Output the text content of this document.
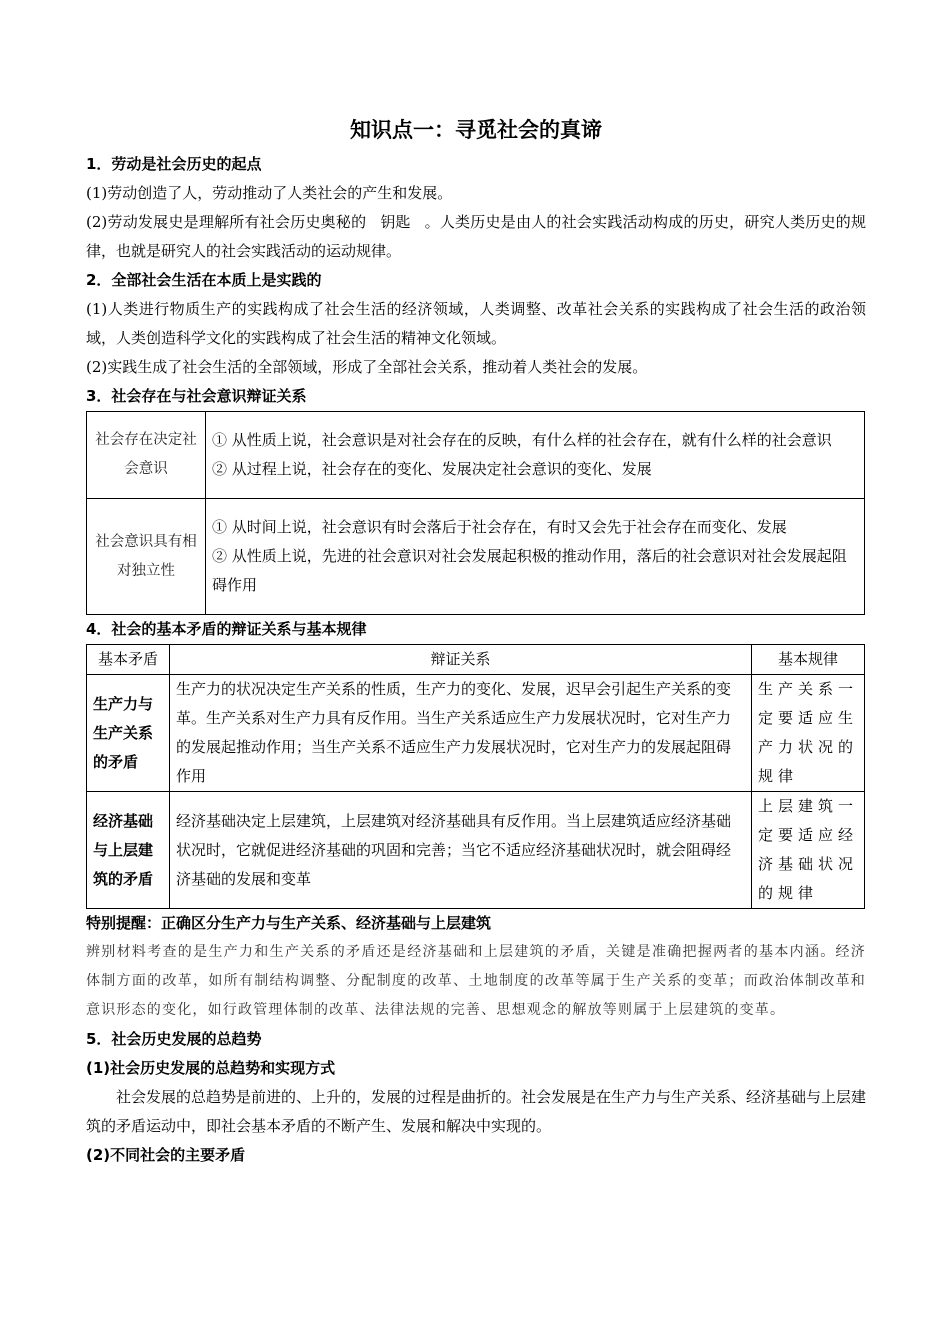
知识点一：寻觅社会的真谛

1．劳动是社会历史的起点

(1)劳动创造了人，劳动推动了人类社会的产生和发展。

(2)劳动发展史是理解所有社会历史奥秘的 钥匙 。人类历史是由人的社会实践活动构成的历史，研究人类历史的规律，也就是研究人的社会实践活动的运动规律。

2．全部社会生活在本质上是实践的

(1)人类进行物质生产的实践构成了社会生活的经济领域，人类调整、改革社会关系的实践构成了社会生活的政治领域，人类创造科学文化的实践构成了社会生活的精神文化领域。

(2)实践生成了社会生活的全部领域，形成了全部社会关系，推动着人类社会的发展。

3．社会存在与社会意识辩证关系

社会存在决定社会意识	① 从性质上说，社会意识是对社会存在的反映，有什么样的社会存在，就有什么样的社会意识
② 从过程上说，社会存在的变化、发展决定社会意识的变化、发展

社会意识具有相对独立性	① 从时间上说，社会意识有时会落后于社会存在，有时又会先于社会存在而变化、发展
② 从性质上说，先进的社会意识对社会发展起积极的推动作用，落后的社会意识对社会发展起阻碍作用

4．社会的基本矛盾的辩证关系与基本规律

基本矛盾	辩证关系	基本规律
生产力与生产关系的矛盾	生产力的状况决定生产关系的性质，生产力的变化、发展，迟早会引起生产关系的变革。生产关系对生产力具有反作用。当生产关系适应生产力发展状况时，它对生产力的发展起推动作用；当生产关系不适应生产力发展状况时，它对生产力的发展起阻碍作用	生产关系一定要适应生产力状况的规律
经济基础与上层建筑的矛盾	经济基础决定上层建筑，上层建筑对经济基础具有反作用。当上层建筑适应经济基础状况时，它就促进经济基础的巩固和完善；当它不适应经济基础状况时，就会阻碍经济基础的发展和变革	上层建筑一定要适应经济基础状况的规律

特别提醒：正确区分生产力与生产关系、经济基础与上层建筑

辨别材料考查的是生产力和生产关系的矛盾还是经济基础和上层建筑的矛盾，关键是准确把握两者的基本内涵。经济体制方面的改革，如所有制结构调整、分配制度的改革、土地制度的改革等属于生产关系的变革；而政治体制改革和意识形态的变化，如行政管理体制的改革、法律法规的完善、思想观念的解放等则属于上层建筑的变革。

5．社会历史发展的总趋势

(1)社会历史发展的总趋势和实现方式

社会发展的总趋势是前进的、上升的，发展的过程是曲折的。社会发展是在生产力与生产关系、经济基础与上层建筑的矛盾运动中，即社会基本矛盾的不断产生、发展和解决中实现的。

(2)不同社会的主要矛盾
